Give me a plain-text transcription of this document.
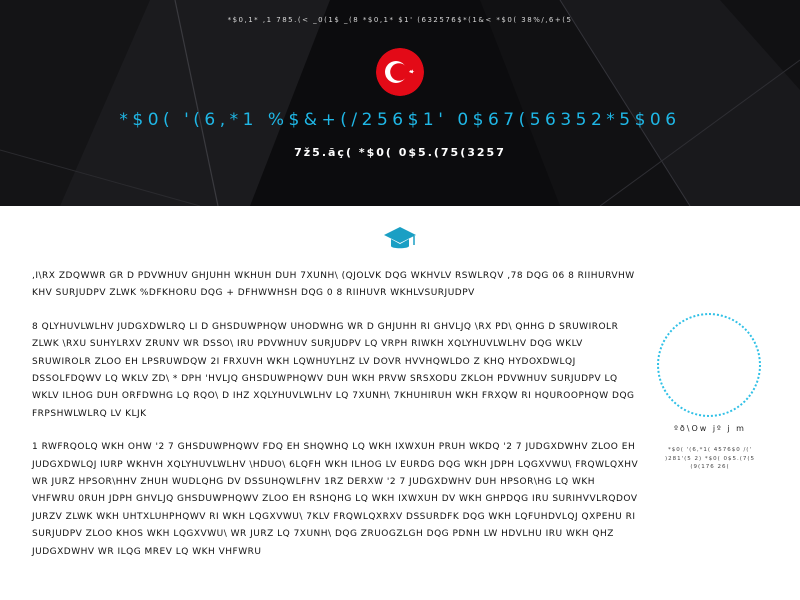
*$0,1* ,1 785.(< _0(1$ _(8 *$0,1* $1' (632576$*(1&< *$0( 38%/,6+(5
*$0( '(6,*1 %$&+(/256$1' 0$67(56352*5$06
7ž5.ãç( *$0( 0$5.(75(3257

,I\RX ZDQWWR GR D PDVWHUV GHJUHH WKHUH DUH 7XUNH\ (QJOLVK DQG WKHVLV RSWLRQV ,78 DQG 06 8 RIIHURVHW KHV SURJUDPV ZLWK %DFKHORU DQG + DFHWWHSH DQG 0 8 RIIHUVR WKHLVSURJUDPV

8 QLYHUVLWLHV JUDGXDWLRQ LI D GHSDUWPHQW UHODWHG WR D GHJUHH RI GHVLJQ \RX PD\ QHHG D SRUWIROLR ZLWK \RXU SUHYLRXV ZRUNV WR DSSO\ IRU PDVWHUV SURJUDPV LQ VRPH RIWKH XQLYHUVLWLHV DQG WKLV SRUWIROLR ZLOO EH LPSRUWDQW 2I FRXUVH WKH LQWHUYLHZ LV DOVR HVVHQWLDO Z KHQ HYDOXDWLQJ DSSOLFDQWV LQ WKLV ZD\ * DPH 'HVLJQ GHSDUWPHQWV DUH WKH PRVW SRSXODU ZKLOH PDVWHUV SURJUDPV LQ WKLV ILHOG DUH ORFDWHG LQ RQO\ D IHZ XQLYHUVLWLHV LQ 7XUNH\ 7KHUHIRUH WKH FRXQW RI HQUROOPHQW DQG FRPSHWLWLRQ LV KLJK

1 RWFRQOLQ WKH OHW '2 7 GHSDUWPHQWV FDQ EH SHQWHQ LQ WKH IXWXUH PRUH WKDQ '2 7 JUDGXDWHV ZLOO EH JUDGXDWLQJ IURP WKHVH XQLYHUVLWLHV \HDUO\ 6LQFH WKH ILHOG LV EURDG DQG WKH JDPH LQGXVWU\ FRQWLQXHV WR JURZ HPSOR\HHV ZHUH WUDLQHG DV DSSUHQWLFHV 1RZ DERXW '2 7 JUDGXDWHV DUH HPSOR\HG LQ WKH VHFWRU 0RUH JDPH GHVLJQ GHSDUWPHQWV ZLOO EH RSHQHG LQ WKH IXWXUH DV WKH GHPDQG IRU SURIHVVLRQDOV JURZV ZLWK WKH UHTXLUHPHQWV RI WKH LQGXVWU\ 7KLV FRQWLQXRXV DSSURDFK DQG WKH LQFUHDVLQJ QXPEHU RI SURJUDPV ZLOO KHOS WKH LQGXVWU\ WR JURZ LQ 7XUNH\ DQG ZRUOGZLGH DQG PDNH LW HDVLHU IRU WKH QHZ JUDGXDWHV WR ILQG MREV LQ WKH VHFWRU

ºð\Ow jº j m
*$0( '(6,*1( 4576$0 /('
)281'(5 2) *$0( 0$5.(7(5
(9(176 26(
